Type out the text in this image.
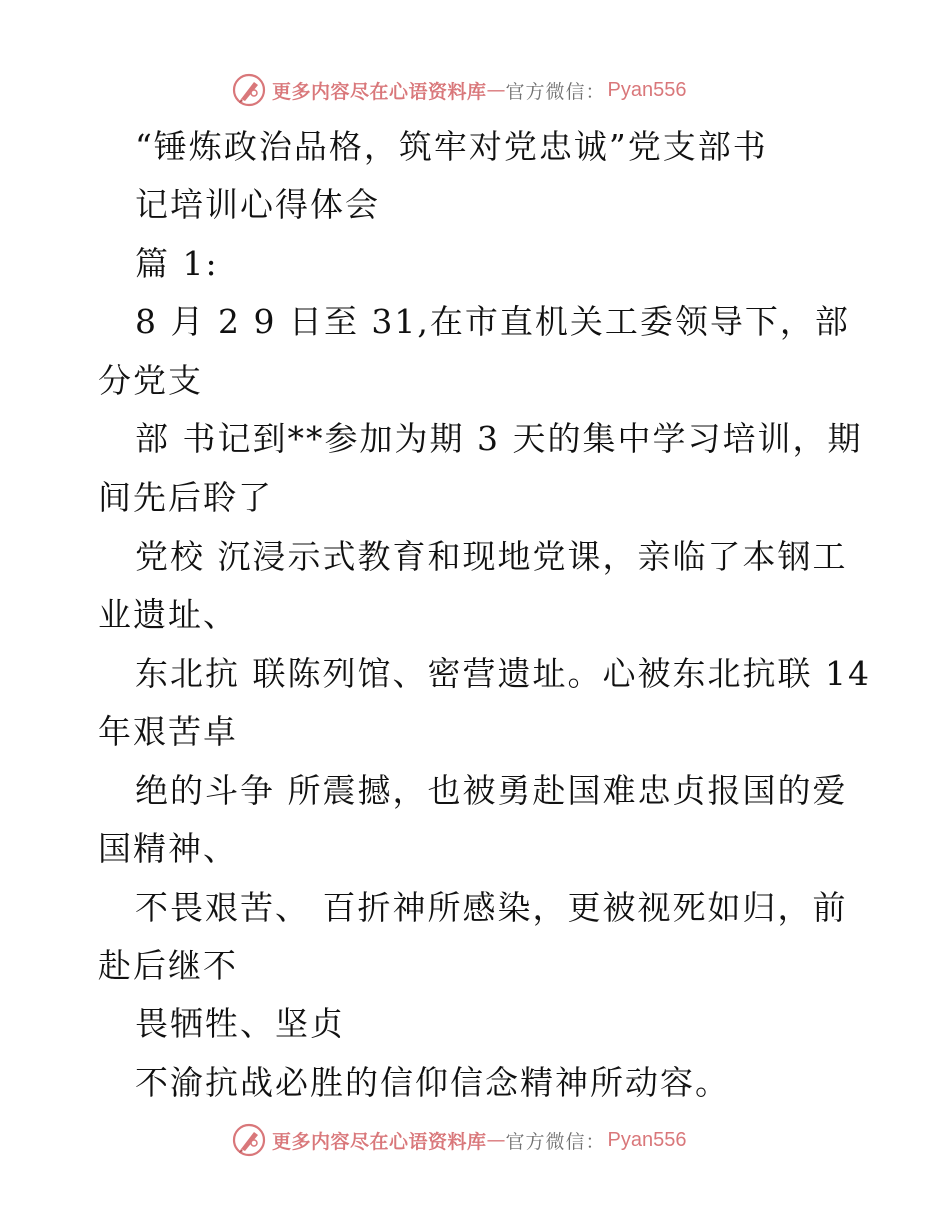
更多内容尽在心语资料库 — 官方微信： Pyan556
“锤炼政治品格，筑牢对党忠诚”党支部书
记培训心得体会
篇 1:
8 月 2 9 日至 31,在市直机关工委领导下，部
分党支
部 书记到**参加为期 3 天的集中学习培训，期
间先后聆了
党校 沉浸示式教育和现地党课，亲临了本钢工
业遗址、
东北抗 联陈列馆、密营遗址。心被东北抗联 14
年艰苦卓
绝的斗争 所震撼，也被勇赴国难忠贞报国的爱
国精神、
不畏艰苦、 百折神所感染，更被视死如归，前
赴后继不
畏牺牲、坚贞
不渝抗战必胜的信仰信念精神所动容。
更多内容尽在心语资料库 — 官方微信： Pyan556
